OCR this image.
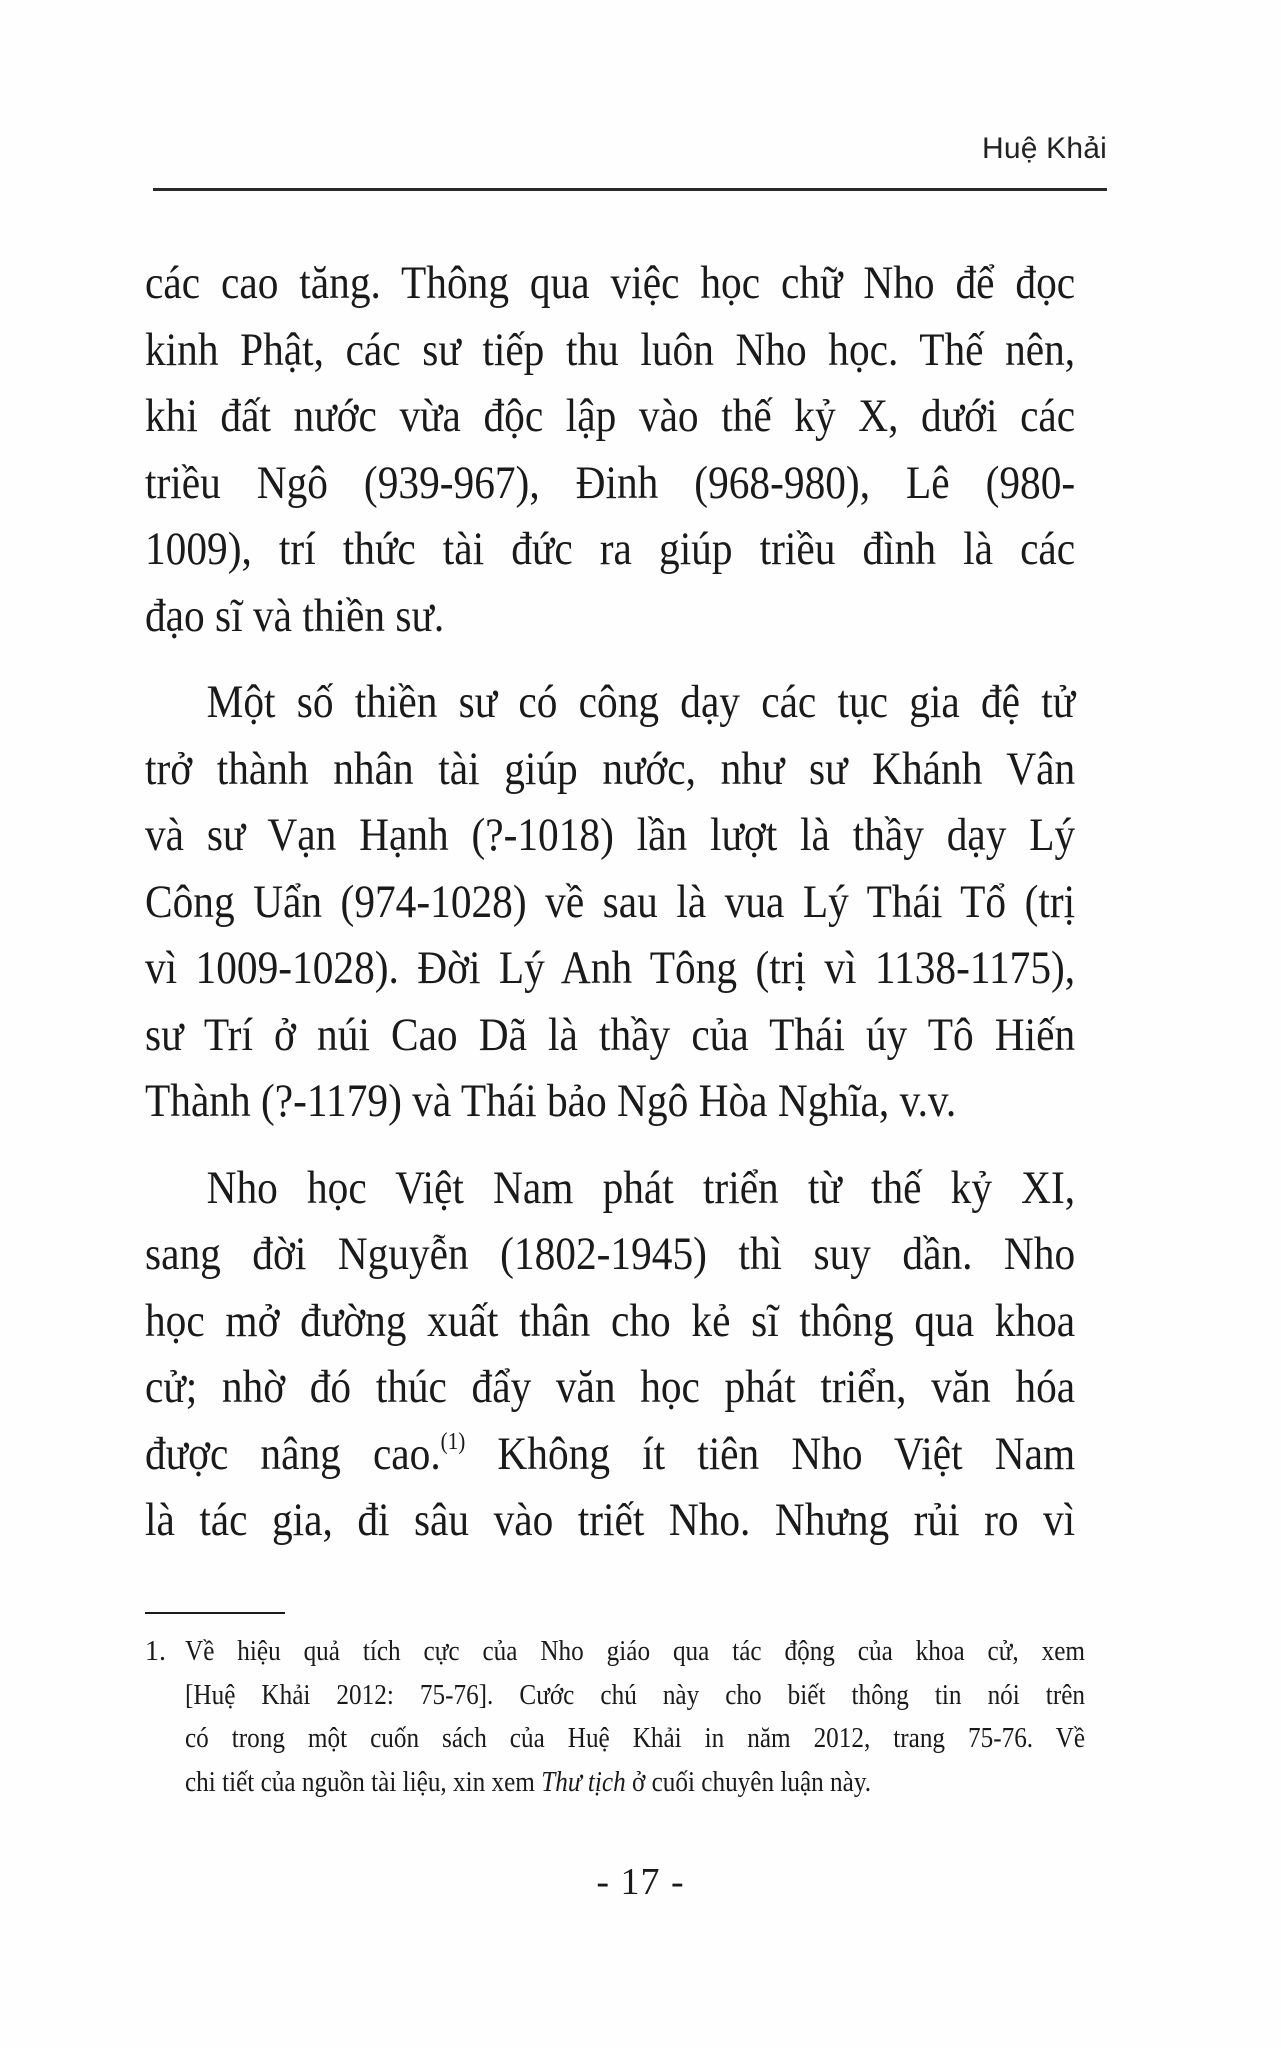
Huệ Khải
các cao tăng. Thông qua việc học chữ Nho để đọc
kinh Phật, các sư tiếp thu luôn Nho học. Thế nên,
khi đất nước vừa độc lập vào thế kỷ X, dưới các
triều Ngô (939-967), Đinh (968-980), Lê (980-
1009), trí thức tài đức ra giúp triều đình là các
đạo sĩ và thiền sư.
Một số thiền sư có công dạy các tục gia đệ tử
trở thành nhân tài giúp nước, như sư Khánh Vân
và sư Vạn Hạnh (?-1018) lần lượt là thầy dạy Lý
Công Uẩn (974-1028) về sau là vua Lý Thái Tổ (trị
vì 1009-1028). Đời Lý Anh Tông (trị vì 1138-1175),
sư Trí ở núi Cao Dã là thầy của Thái úy Tô Hiến
Thành (?-1179) và Thái bảo Ngô Hòa Nghĩa, v.v.
Nho học Việt Nam phát triển từ thế kỷ XI,
sang đời Nguyễn (1802-1945) thì suy dần. Nho
học mở đường xuất thân cho kẻ sĩ thông qua khoa
cử; nhờ đó thúc đẩy văn học phát triển, văn hóa
được nâng cao.$^{(1)}$ Không ít tiên Nho Việt Nam
là tác gia, đi sâu vào triết Nho. Nhưng rủi ro vì
1. Về hiệu quả tích cực của Nho giáo qua tác động của khoa cử, xem
[Huệ Khải 2012: 75-76]. Cước chú này cho biết thông tin nói trên
có trong một cuốn sách của Huệ Khải in năm 2012, trang 75-76. Về
chi tiết của nguồn tài liệu, xin xem Thư tịch ở cuối chuyên luận này.
- 17 -
